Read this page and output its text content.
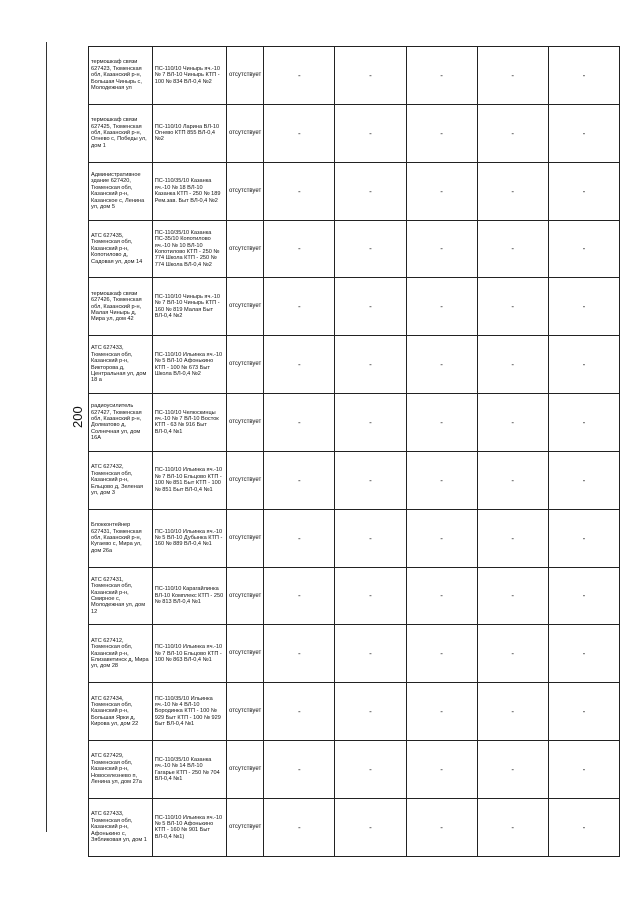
200
термошкаф связи 627423, Тюменская обл, Казанский р-н, Большая Чинырь с, Молодежная ул	ПС-110/10 Чинырь яч.-10 № 7 ВЛ-10 Чинырь КТП - 100 № 834 ВЛ-0,4 №2	отсутствует	-	-	-	-	-

термошкаф связи 627425, Тюменская обл, Казанский р-н, Огнево с, Победы ул, дом 1	ПС-110/10 Ларина ВЛ-10 Огнево КТП 855 ВЛ-0,4 №2	отсутствует	-	-	-	-	-

Административное здание 627420, Тюменская обл, Казанский р-н, Казанское с, Ленина ул, дом 5	ПС-110/35/10 Казанка яч.-10 № 18 ВЛ-10 Казанка КТП - 250 № 189 Рем.зав. Быт ВЛ-0,4 №2	отсутствует	-	-	-	-	-

АТС 627435, Тюменская обл, Казанский р-н, Копотилово д, Садовая ул, дом 14	ПС-110/35/10 Казанка ПС-35/10 Копотилово яч.-10 № 10 ВЛ-10 Копотилово КТП - 250 № 774 Школа КТП - 250 № 774 Школа ВЛ-0,4 №2	отсутствует	-	-	-	-	-

термошкаф связи 627426, Тюменская обл, Казанский р-н, Малая Чинырь д, Мира ул, дом 42	ПС-110/10 Чинырь яч.-10 № 7 ВЛ-10 Чинырь КТП - 160 № 819 Малая Быт ВЛ-0,4 №2	отсутствует	-	-	-	-	-

АТС 627433, Тюменская обл, Казанский р-н, Викторова д, Центральная ул, дом 18 а	ПС-110/10 Ильинка яч.-10 № 5 ВЛ-10 Афонькино КТП - 100 № 673 Быт Школа ВЛ-0,4 №2	отсутствует	-	-	-	-	-

радиоусилитель 627427, Тюменская обл, Казанский р-н, Долматово д, Солнечная ул, дом 16А	ПС-110/10 Челюскинцы яч.-10 № 7 ВЛ-10 Восток КТП - 63 № 916 Быт ВЛ-0,4 №1	отсутствует	-	-	-	-	-

АТС 627432, Тюменская обл, Казанский р-н, Ельцово д, Зеленая ул, дом 3	ПС-110/10 Ильинка яч.-10 № 7 ВЛ-10 Ельцово КТП - 100 № 851 Быт КТП - 100 № 851 Быт ВЛ-0,4 №1	отсутствует	-	-	-	-	-

Блокконтейнер 627431, Тюменская обл, Казанский р-н, Кугаево с, Мира ул, дом 26а	ПС-110/10 Ильинка яч.-10 № 5 ВЛ-10 Дубынка КТП - 160 № 889 ВЛ-0,4 №1	отсутствует	-	-	-	-	-

АТС 627431, Тюменская обл, Казанский р-н, Смирное с, Молодежная ул, дом 12	ПС-110/10 Карагайлинка ВЛ-10 Комплекс КТП - 250 № 813 ВЛ-0,4 №1	отсутствует	-	-	-	-	-

АТС 627412, Тюменская обл, Казанский р-н, Елизаветинск д, Мира ул, дом 28	ПС-110/10 Ильинка яч.-10 № 7 ВЛ-10 Ельцово КТП - 100 № 863 ВЛ-0,4 №1	отсутствует	-	-	-	-	-

АТС 627434, Тюменская обл, Казанский р-н, Большая Ярки д, Кирова ул, дом 22	ПС-110/35/10 Ильинка яч.-10 № 4 ВЛ-10 Бородинка КТП - 100 № 929 Быт КТП - 100 № 929 Быт ВЛ-0,4 №1	отсутствует	-	-	-	-	-

АТС 627429, Тюменская обл, Казанский р-н, Новоселезнево п, Ленина ул, дом 27а	ПС-110/35/10 Казанка яч.-10 № 14 ВЛ-10 Гагарье КТП - 250 № 704 ВЛ-0,4 №1	отсутствует	-	-	-	-	-

АТС 627433, Тюменская обл, Казанский р-н, Афонькино с, Зябликовая ул, дом 1	ПС-110/10 Ильинка яч.-10 № 5 ВЛ-10 Афонькино КТП - 160 № 901 Быт ВЛ-0,4 №1)	отсутствует	-	-	-	-	-
